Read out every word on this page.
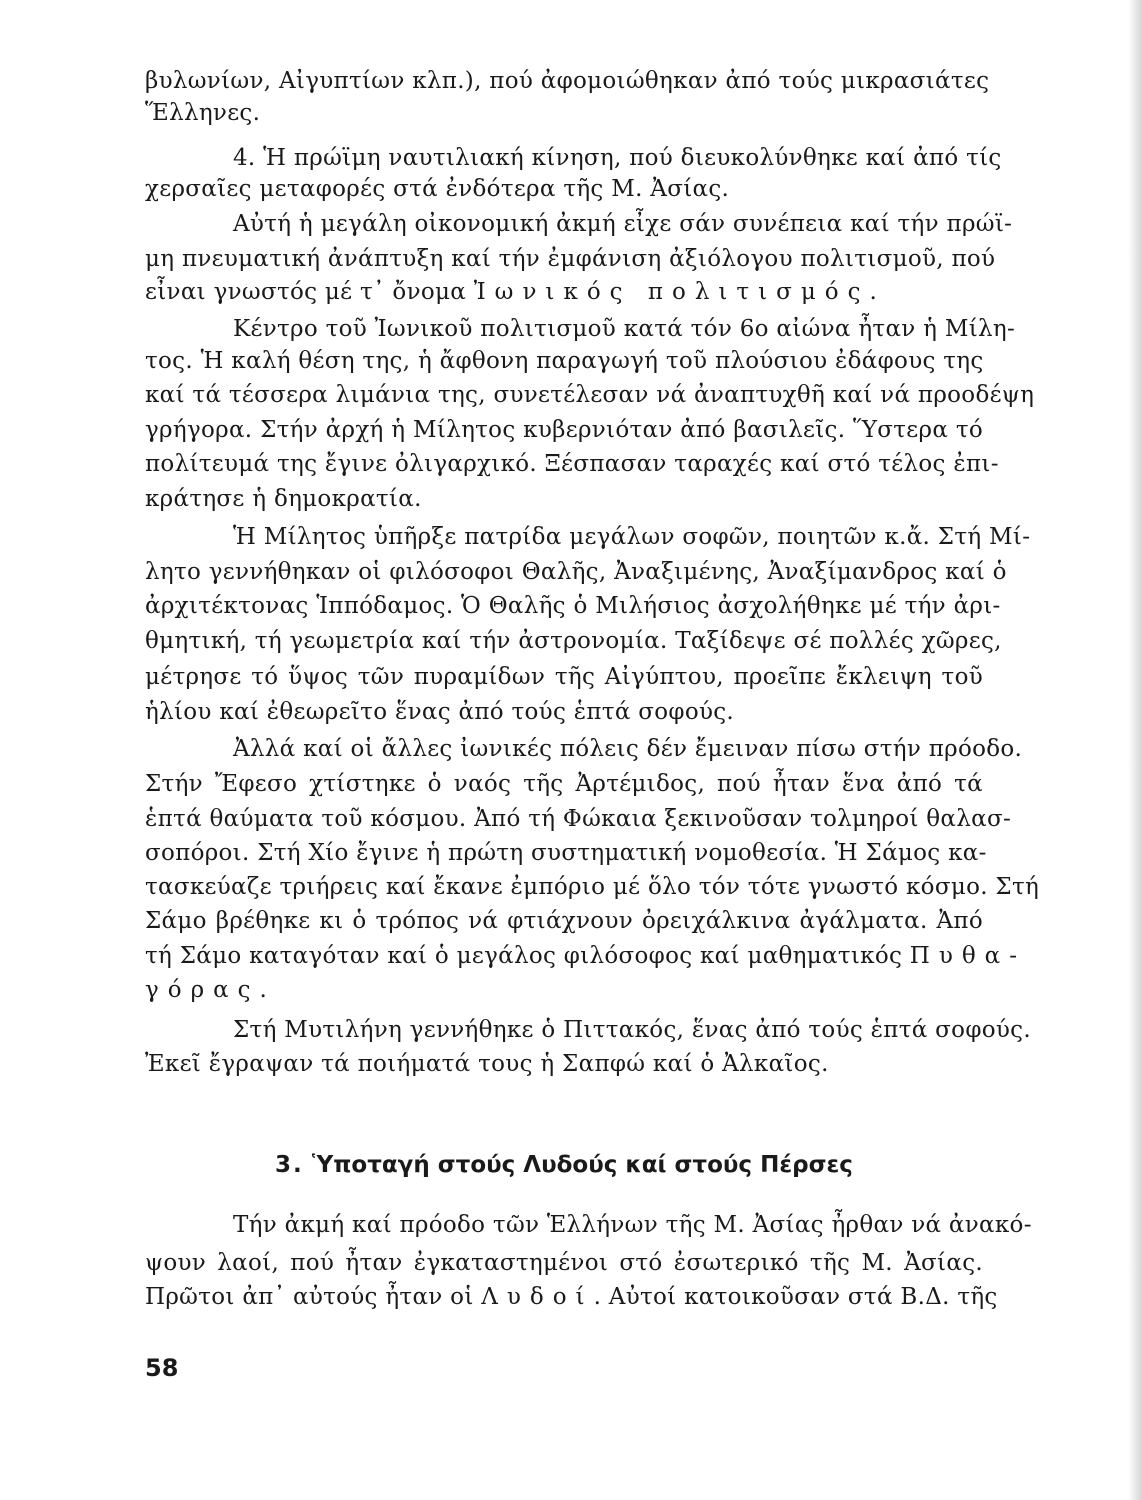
βυλωνίων, Αἰγυπτίων κλπ.), πού ἀφομοιώθηκαν ἀπό τούς μικρασιάτες
Ἕλληνες.
4. Ἡ πρώϊμη ναυτιλιακή κίνηση, πού διευκολύνθηκε καί ἀπό τίς
χερσαῖες μεταφορές στά ἐνδότερα τῆς Μ. Ἀσίας.
Αὐτή ἡ μεγάλη οἰκονομική ἀκμή εἶχε σάν συνέπεια καί τήν πρώϊ-
μη πνευματική ἀνάπτυξη καί τήν ἐμφάνιση ἀξιόλογου πολιτισμοῦ, πού
εἶναι γνωστός μέ τ᾽ ὄνομα Ἰωνικός πολιτισμός.
Κέντρο τοῦ Ἰωνικοῦ πολιτισμοῦ κατά τόν 6ο αἰώνα ἦταν ἡ Μίλη-
τος. Ἡ καλή θέση της, ἡ ἄφθονη παραγωγή τοῦ πλούσιου ἐδάφους της
καί τά τέσσερα λιμάνια της, συνετέλεσαν νά ἀναπτυχθῆ καί νά προοδέψη
γρήγορα. Στήν ἀρχή ἡ Μίλητος κυβερνιόταν ἀπό βασιλεῖς. Ὕστερα τό
πολίτευμά της ἔγινε ὀλιγαρχικό. Ξέσπασαν ταραχές καί στό τέλος ἐπι-
κράτησε ἡ δημοκρατία.
Ἡ Μίλητος ὑπῆρξε πατρίδα μεγάλων σοφῶν, ποιητῶν κ.ἄ. Στή Μί-
λητο γεννήθηκαν οἱ φιλόσοφοι Θαλῆς, Ἀναξιμένης, Ἀναξίμανδρος καί ὁ
ἀρχιτέκτονας Ἱππόδαμος. Ὁ Θαλῆς ὁ Μιλήσιος ἀσχολήθηκε μέ τήν ἀρι-
θμητική, τή γεωμετρία καί τήν ἀστρονομία. Ταξίδεψε σέ πολλές χῶρες,
μέτρησε τό ὕψος τῶν πυραμίδων τῆς Αἰγύπτου, προεῖπε ἔκλειψη τοῦ
ἡλίου καί ἐθεωρεῖτο ἕνας ἀπό τούς ἑπτά σοφούς.
Ἀλλά καί οἱ ἄλλες ἰωνικές πόλεις δέν ἔμειναν πίσω στήν πρόοδο.
Στήν Ἔφεσο χτίστηκε ὁ ναός τῆς Ἀρτέμιδος, πού ἦταν ἕνα ἀπό τά
ἑπτά θαύματα τοῦ κόσμου. Ἀπό τή Φώκαια ξεκινοῦσαν τολμηροί θαλασ-
σοπόροι. Στή Χίο ἔγινε ἡ πρώτη συστηματική νομοθεσία. Ἡ Σάμος κα-
τασκεύαζε τριήρεις καί ἔκανε ἐμπόριο μέ ὅλο τόν τότε γνωστό κόσμο. Στή
Σάμο βρέθηκε κι ὁ τρόπος νά φτιάχνουν ὀρειχάλκινα ἀγάλματα. Ἀπό
τή Σάμο καταγόταν καί ὁ μεγάλος φιλόσοφος καί μαθηματικός Πυθα-
γόρας.
Στή Μυτιλήνη γεννήθηκε ὁ Πιττακός, ἕνας ἀπό τούς ἑπτά σοφούς.
Ἐκεῖ ἔγραψαν τά ποιήματά τους ἡ Σαπφώ καί ὁ Ἀλκαῖος.
3. Ὑποταγή στούς Λυδούς καί στούς Πέρσες
Τήν ἀκμή καί πρόοδο τῶν Ἑλλήνων τῆς Μ. Ἀσίας ἦρθαν νά ἀνακό-
ψουν λαοί, πού ἦταν ἐγκαταστημένοι στό ἐσωτερικό τῆς Μ. Ἀσίας.
Πρῶτοι ἀπ᾽ αὐτούς ἦταν οἱ Λυδοί. Αὐτοί κατοικοῦσαν στά Β.Δ. τῆς
58
